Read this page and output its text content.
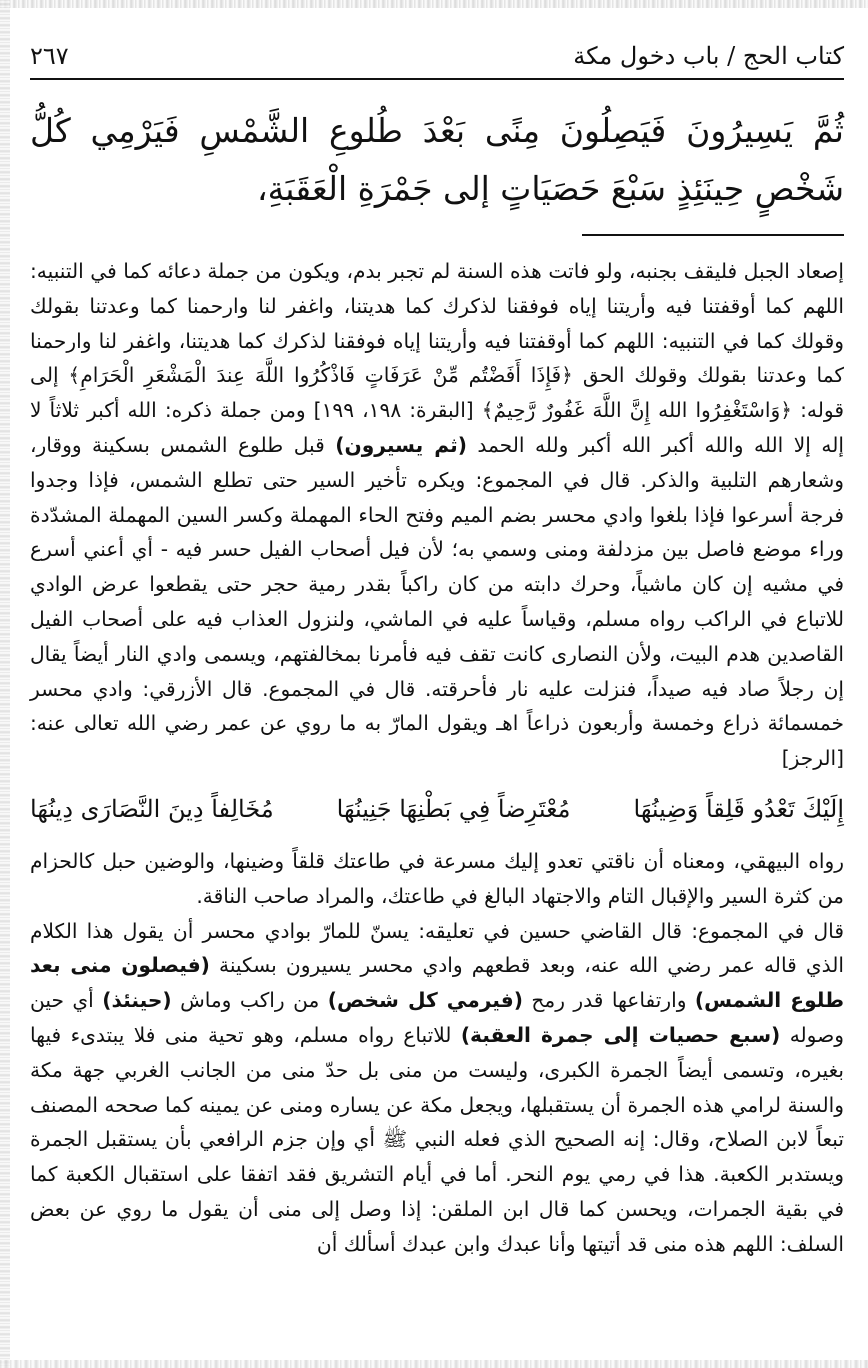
كتاب الحج / باب دخول مكة
٢٦٧
ثُمَّ يَسِيرُونَ فَيَصِلُونَ مِنًى بَعْدَ طُلوعِ الشَّمْسِ فَيَرْمِي كُلُّ شَخْصٍ حِينَئِذٍ سَبْعَ حَصَيَاتٍ إلى جَمْرَةِ الْعَقَبَةِ،

إصعاد الجبل فليقف بجنبه، ولو فاتت هذه السنة لم تجبر بدم، ويكون من جملة دعائه كما في التنبيه: اللهم كما أوقفتنا فيه وأريتنا إياه فوفقنا لذكرك كما هديتنا، واغفر لنا وارحمنا كما وعدتنا بقولك وقولك كما في التنبيه: اللهم كما أوقفتنا فيه وأريتنا إياه فوفقنا لذكرك كما هديتنا، واغفر لنا وارحمنا كما وعدتنا بقولك وقولك الحق ﴿فَإِذَا أَفَضْتُم مِّنْ عَرَفَاتٍ فَاذْكُرُوا اللَّهَ عِندَ الْمَشْعَرِ الْحَرَامِ﴾ إلى قوله: ﴿وَاسْتَغْفِرُوا الله إِنَّ اللَّهَ غَفُورٌ رَّحِيمٌ﴾ [البقرة: ١٩٨، ١٩٩] ومن جملة ذكره: الله أكبر ثلاثاً لا إله إلا الله والله أكبر الله أكبر ولله الحمد (ثم يسيرون) قبل طلوع الشمس بسكينة ووقار، وشعارهم التلبية والذكر. قال في المجموع: ويكره تأخير السير حتى تطلع الشمس، فإذا وجدوا فرجة أسرعوا فإذا بلغوا وادي محسر بضم الميم وفتح الحاء المهملة وكسر السين المهملة المشدّدة وراء موضع فاصل بين مزدلفة ومنى وسمي به؛ لأن فيل أصحاب الفيل حسر فيه - أي أعني أسرع في مشيه إن كان ماشياً، وحرك دابته من كان راكباً بقدر رمية حجر حتى يقطعوا عرض الوادي للاتباع في الراكب رواه مسلم، وقياساً عليه في الماشي، ولنزول العذاب فيه على أصحاب الفيل القاصدين هدم البيت، ولأن النصارى كانت تقف فيه فأمرنا بمخالفتهم، ويسمى وادي النار أيضاً يقال إن رجلاً صاد فيه صيداً، فنزلت عليه نار فأحرقته. قال في المجموع. قال الأزرقي: وادي محسر خمسمائة ذراع وخمسة وأربعون ذراعاً اهـ ويقول المارّ به ما روي عن عمر رضي الله تعالى عنه: [الرجز]

إِلَيْكَ تَعْدُو قَلِقاً وَضِينُهَا
مُعْتَرِضاً فِي بَطْنِهَا جَنِينُهَا
مُخَالِفاً دِينَ النَّصَارَى دِينُهَا

رواه البيهقي، ومعناه أن ناقتي تعدو إليك مسرعة في طاعتك قلقاً وضينها، والوضين حبل كالحزام من كثرة السير والإقبال التام والاجتهاد البالغ في طاعتك، والمراد صاحب الناقة.

قال في المجموع: قال القاضي حسين في تعليقه: يسنّ للمارّ بوادي محسر أن يقول هذا الكلام الذي قاله عمر رضي الله عنه، وبعد قطعهم وادي محسر يسيرون بسكينة (فيصلون منى بعد طلوع الشمس) وارتفاعها قدر رمح (فيرمي كل شخص) من راكب وماش (حينئذ) أي حين وصوله (سبع حصيات إلى جمرة العقبة) للاتباع رواه مسلم، وهو تحية منى فلا يبتدىء فيها بغيره، وتسمى أيضاً الجمرة الكبرى، وليست من منى بل حدّ منى من الجانب الغربي جهة مكة والسنة لرامي هذه الجمرة أن يستقبلها، ويجعل مكة عن يساره ومنى عن يمينه كما صححه المصنف تبعاً لابن الصلاح، وقال: إنه الصحيح الذي فعله النبي ﷺ أي وإن جزم الرافعي بأن يستقبل الجمرة ويستدبر الكعبة. هذا في رمي يوم النحر. أما في أيام التشريق فقد اتفقا على استقبال الكعبة كما في بقية الجمرات، ويحسن كما قال ابن الملقن: إذا وصل إلى منى أن يقول ما روي عن بعض السلف: اللهم هذه منى قد أتيتها وأنا عبدك وابن عبدك أسألك أن
